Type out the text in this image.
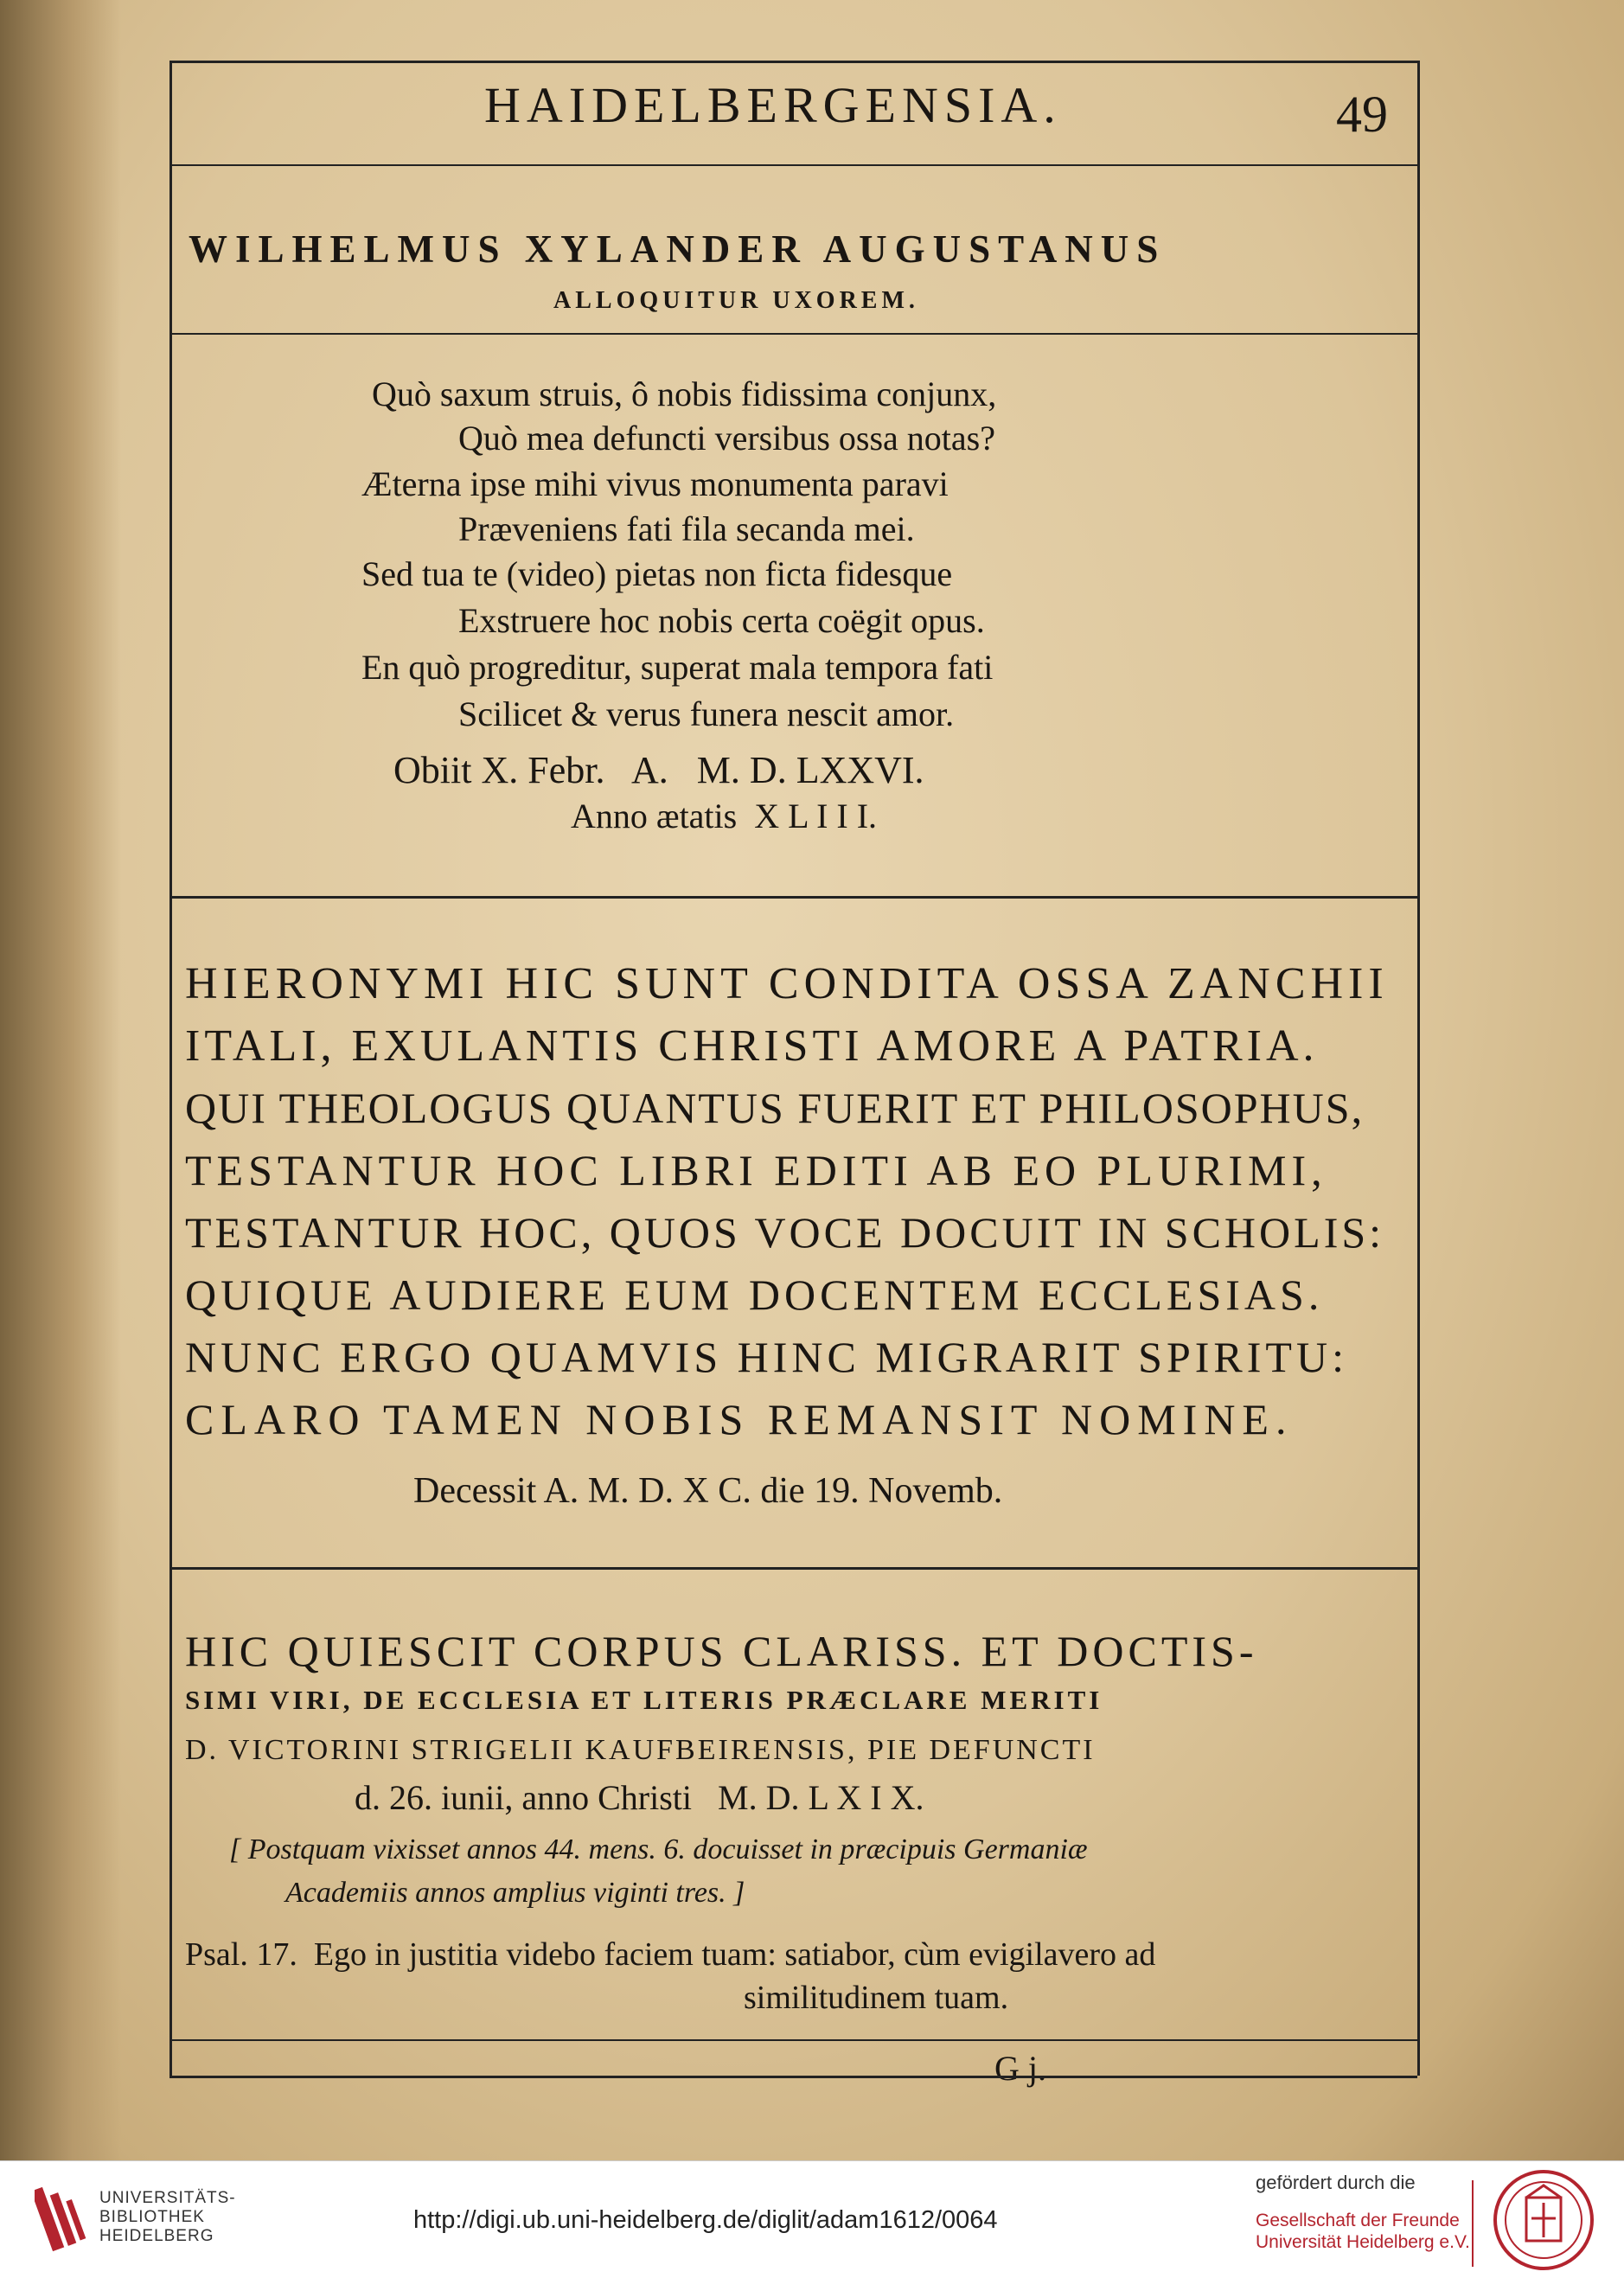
HAIDELBERGENSIA.	49
WILHELMUS XYLANDER AUGUSTANUS
ALLOQUITUR UXOREM.
Quò saxum struis, ô nobis fidissima conjunx,
Quò mea defuncti versibus ossa notas?
Æterna ipse mihi vivus monumenta paravi
Præveniens fati fila secanda mei.
Sed tua te (video) pietas non ficta fidesque
Exstruere hoc nobis certa coëgit opus.
En quò progreditur, superat mala tempora fati
Scilicet & verus funera nescit amor.
Obiit X. Febr.   A.   M. D. LXXVI.
Anno ætatis  X L I I I.
HIERONYMI HIC SUNT CONDITA OSSA ZANCHII
ITALI, EXULANTIS CHRISTI AMORE A PATRIA.
QUI THEOLOGUS QUANTUS FUERIT ET PHILOSOPHUS,
TESTANTUR HOC LIBRI EDITI AB EO PLURIMI,
TESTANTUR HOC, QUOS VOCE DOCUIT IN SCHOLIS:
QUIQUE AUDIERE EUM DOCENTEM ECCLESIAS.
NUNC ERGO QUAMVIS HINC MIGRARIT SPIRITU:
CLARO TAMEN NOBIS REMANSIT NOMINE.
Decessit A. M. D. X C. die 19. Novemb.
HIC QUIESCIT CORPUS CLARISS. ET DOCTIS-
SIMI VIRI, DE ECCLESIA ET LITERIS PRÆCLARE MERITI
D. VICTORINI STRIGELII KAUFBEIRENSIS, PIE DEFUNCTI
d. 26. iunii, anno Christi   M. D. L X I X.
[ Postquam vixisset annos 44. mens. 6. docuisset in præcipuis Germaniæ
Academiis annos amplius viginti tres. ]
Psal. 17.  Ego in justitia videbo faciem tuam: satiabor, cùm evigilavero ad
similitudinem tuam.
G j.
UNIVERSITÄTS-
BIBLIOTHEK
HEIDELBERG
http://digi.ub.uni-heidelberg.de/diglit/adam1612/0064
gefördert durch die
Gesellschaft der Freunde
Universität Heidelberg e.V.
